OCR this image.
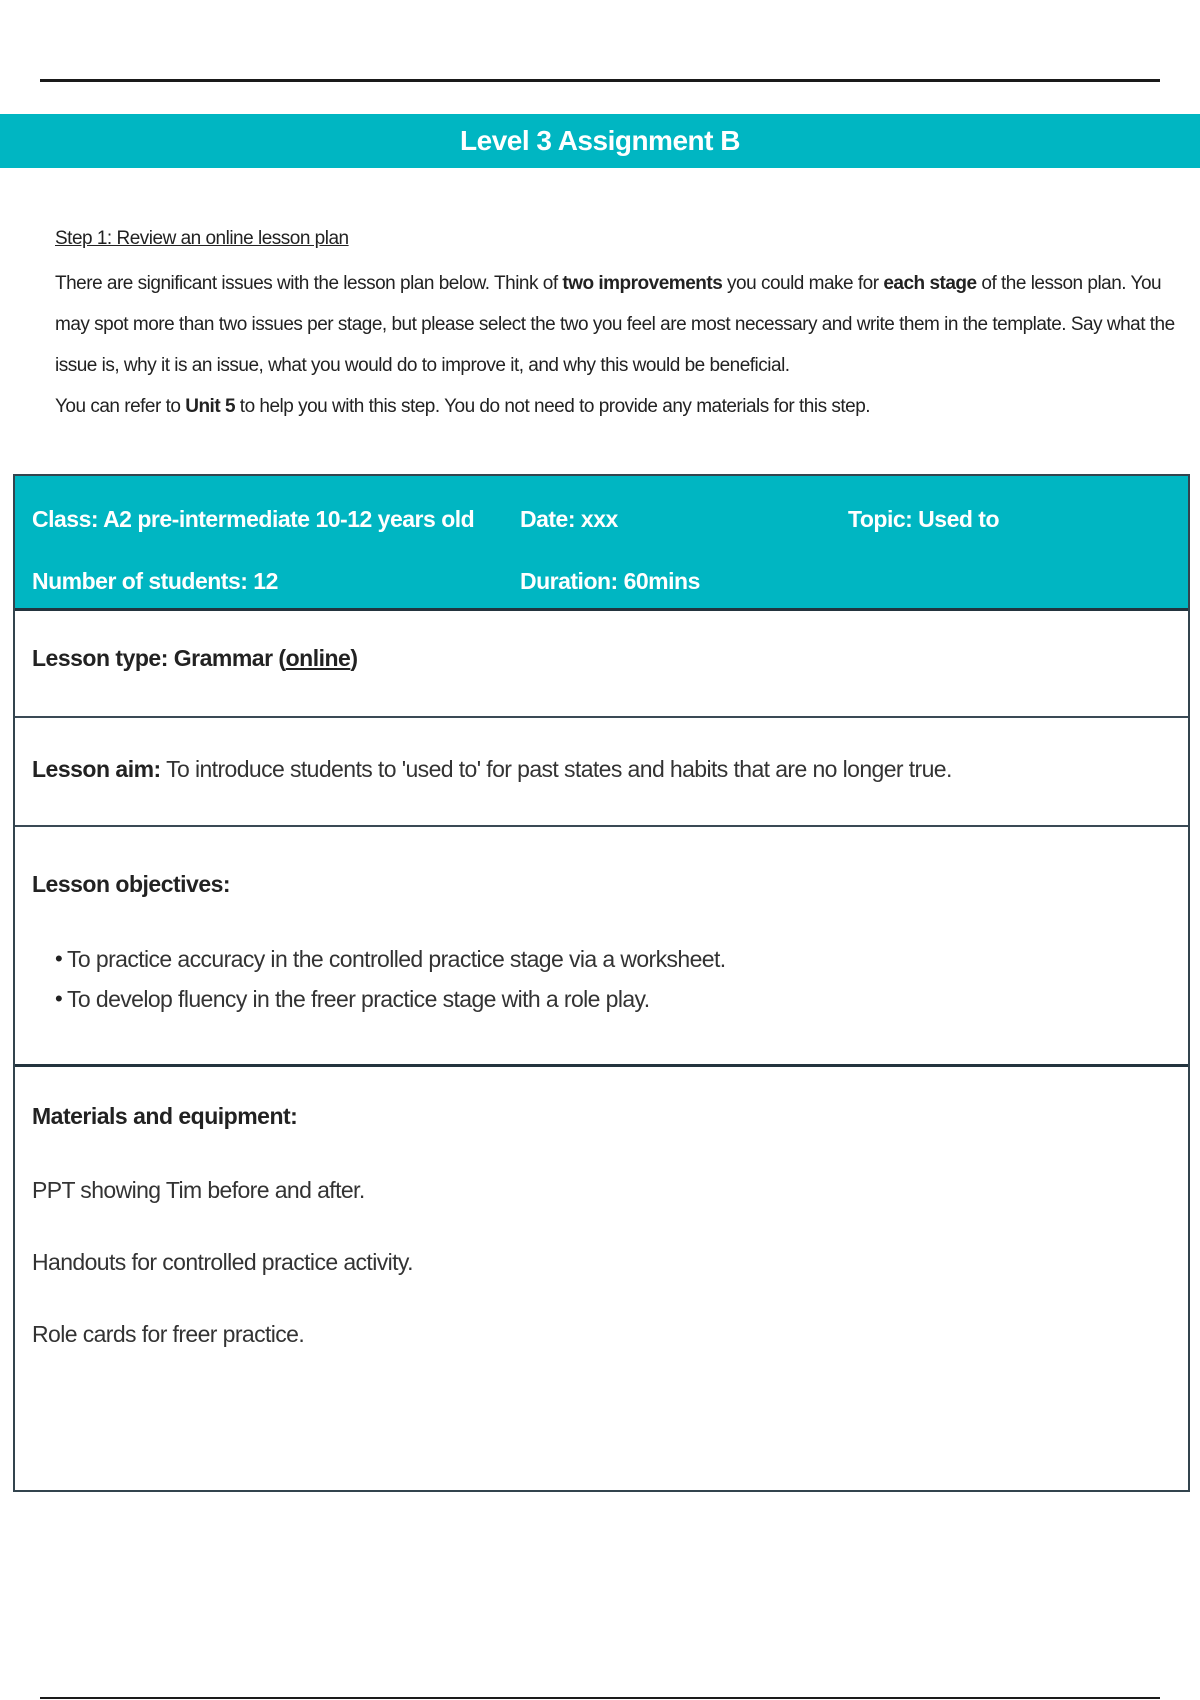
Level 3 Assignment B
Step 1: Review an online lesson plan

There are significant issues with the lesson plan below. Think of two improvements you could make for each stage of the lesson plan. You may spot more than two issues per stage, but please select the two you feel are most necessary and write them in the template. Say what the issue is, why it is an issue, what you would do to improve it, and why this would be beneficial.

You can refer to Unit 5 to help you with this step. You do not need to provide any materials for this step.

Class: A2 pre-intermediate 10-12 years old Date: xxx	Topic: Used to
Number of students: 12	Duration: 60mins
Lesson type: Grammar (online)
Lesson aim: To introduce students to 'used to' for past states and habits that are no longer true.
Lesson objectives:
• To practice accuracy in the controlled practice stage via a worksheet.
• To develop fluency in the freer practice stage with a role play.
Materials and equipment:
PPT showing Tim before and after.
Handouts for controlled practice activity.
Role cards for freer practice.
